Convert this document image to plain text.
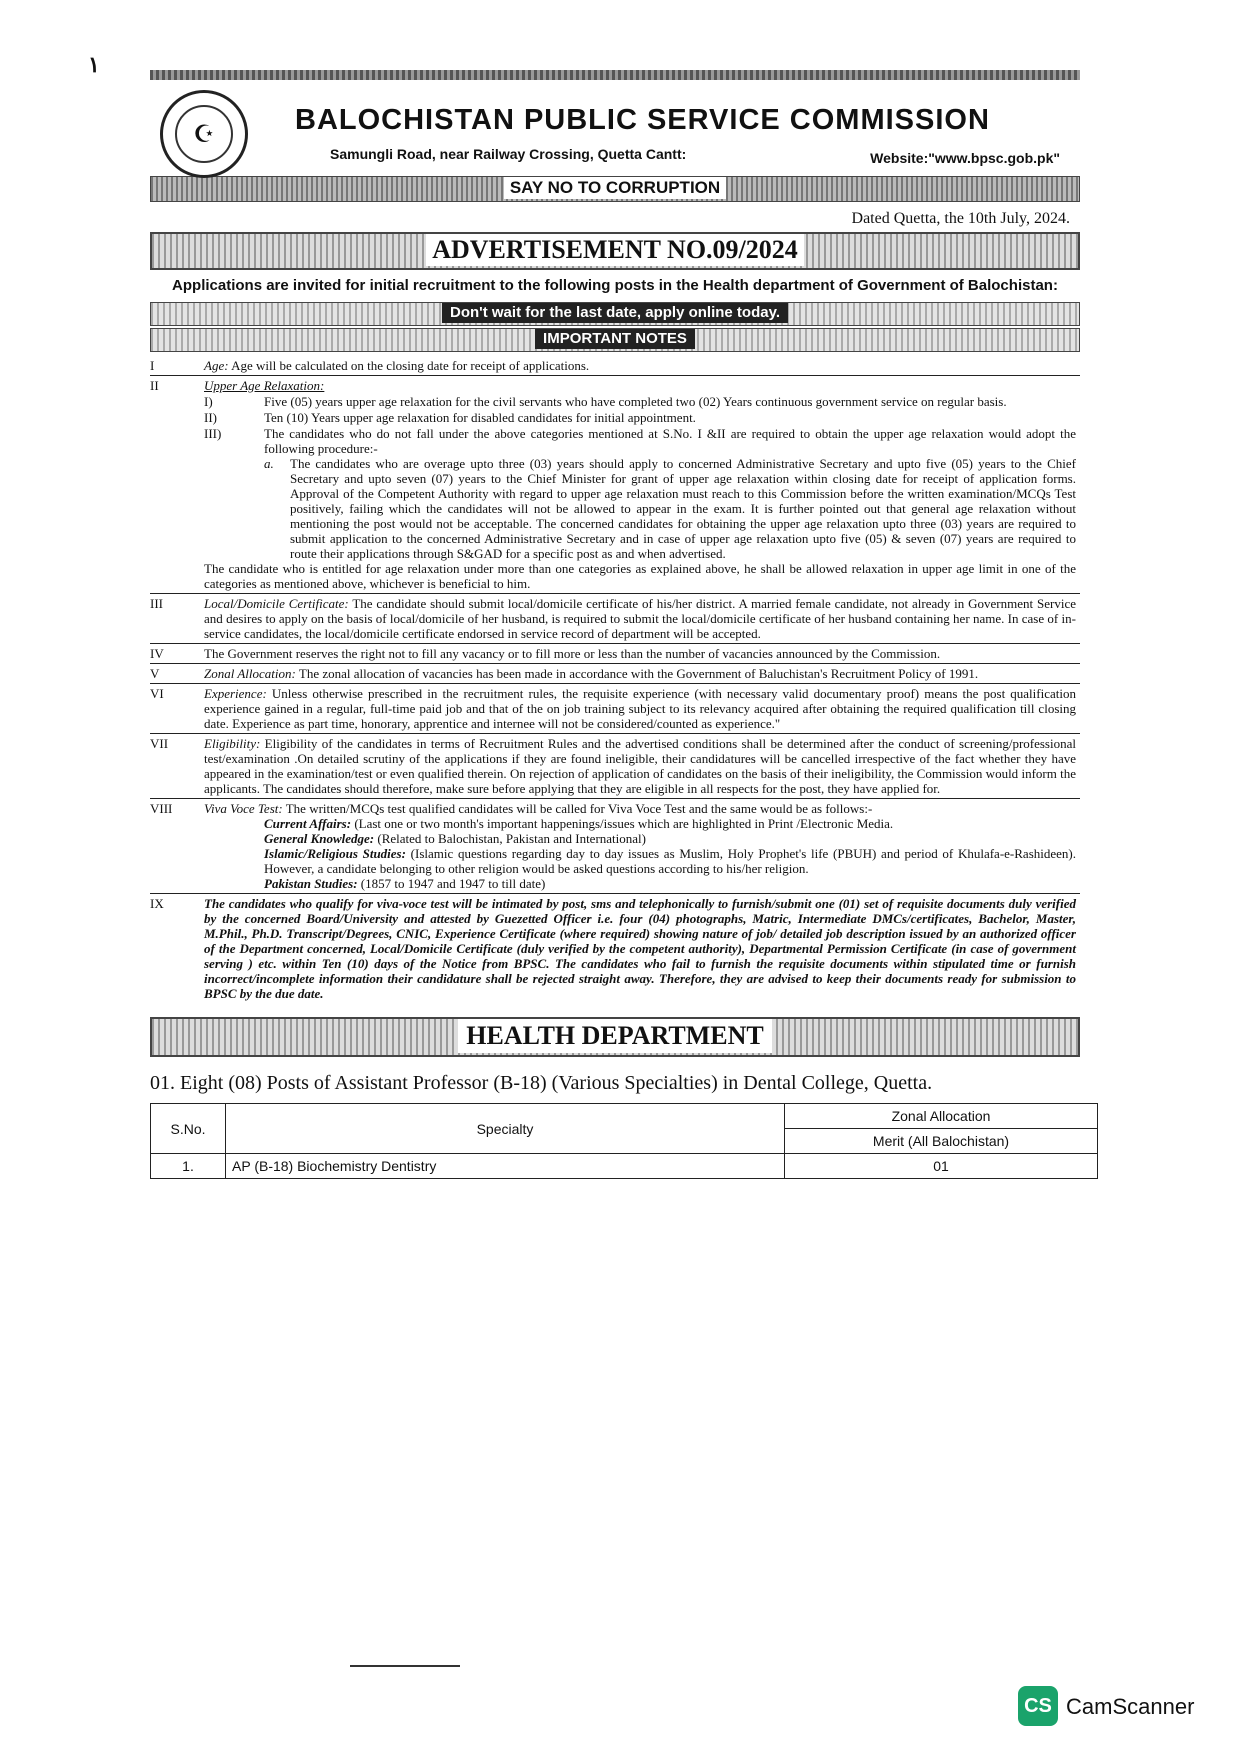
١
☪	BALOCHISTAN PUBLIC SERVICE COMMISSION
Samungli Road, near Railway Crossing, Quetta Cantt:	Website:"www.bpsc.gob.pk"
SAY NO TO CORRUPTION
Dated Quetta, the 10th July, 2024.
ADVERTISEMENT NO.09/2024
Applications are invited for initial recruitment to the following posts in the Health department of Government of Balochistan:
Don't wait for the last date, apply online today.
IMPORTANT NOTES
I	Age: Age will be calculated on the closing date for receipt of applications.
II	Upper Age Relaxation:
I)	Five (05) years upper age relaxation for the civil servants who have completed two (02) Years continuous government service on regular basis.
II)	Ten (10) Years upper age relaxation for disabled candidates for initial appointment.
III)	The candidates who do not fall under the above categories mentioned at S.No. I &II are required to obtain the upper age relaxation would adopt the following procedure:-
a.	The candidates who are overage upto three (03) years should apply to concerned Administrative Secretary and upto five (05) years to the Chief Secretary and upto seven (07) years to the Chief Minister for grant of upper age relaxation within closing date for receipt of application forms. Approval of the Competent Authority with regard to upper age relaxation must reach to this Commission before the written examination/MCQs Test positively, failing which the candidates will not be allowed to appear in the exam. It is further pointed out that general age relaxation without mentioning the post would not be acceptable. The concerned candidates for obtaining the upper age relaxation upto three (03) years are required to submit application to the concerned Administrative Secretary and in case of upper age relaxation upto five (05) & seven (07) years are required to route their applications through S&GAD for a specific post as and when advertised.
The candidate who is entitled for age relaxation under more than one categories as explained above, he shall be allowed relaxation in upper age limit in one of the categories as mentioned above, whichever is beneficial to him.
III	Local/Domicile Certificate: The candidate should submit local/domicile certificate of his/her district. A married female candidate, not already in Government Service and desires to apply on the basis of local/domicile of her husband, is required to submit the local/domicile certificate of her husband containing her name. In case of in-service candidates, the local/domicile certificate endorsed in service record of department will be accepted.
IV	The Government reserves the right not to fill any vacancy or to fill more or less than the number of vacancies announced by the Commission.
V	Zonal Allocation: The zonal allocation of vacancies has been made in accordance with the Government of Baluchistan's Recruitment Policy of 1991.
VI	Experience: Unless otherwise prescribed in the recruitment rules, the requisite experience (with necessary valid documentary proof) means the post qualification experience gained in a regular, full-time paid job and that of the on job training subject to its relevancy acquired after obtaining the required qualification till closing date. Experience as part time, honorary, apprentice and internee will not be considered/counted as experience."
VII	Eligibility: Eligibility of the candidates in terms of Recruitment Rules and the advertised conditions shall be determined after the conduct of screening/professional test/examination .On detailed scrutiny of the applications if they are found ineligible, their candidatures will be cancelled irrespective of the fact whether they have appeared in the examination/test or even qualified therein. On rejection of application of candidates on the basis of their ineligibility, the Commission would inform the applicants. The candidates should therefore, make sure before applying that they are eligible in all respects for the post, they have applied for.
VIII	Viva Voce Test: The written/MCQs test qualified candidates will be called for Viva Voce Test and the same would be as follows:-
Current Affairs: (Last one or two month's important happenings/issues which are highlighted in Print /Electronic Media.
General Knowledge: (Related to Balochistan, Pakistan and International)
Islamic/Religious Studies: (Islamic questions regarding day to day issues as Muslim, Holy Prophet's life (PBUH) and period of Khulafa-e-Rashideen). However, a candidate belonging to other religion would be asked questions according to his/her religion.
Pakistan Studies: (1857 to 1947 and 1947 to till date)
IX	The candidates who qualify for viva-voce test will be intimated by post, sms and telephonically to furnish/submit one (01) set of requisite documents duly verified by the concerned Board/University and attested by Guezetted Officer i.e. four (04) photographs, Matric, Intermediate DMCs/certificates, Bachelor, Master, M.Phil., Ph.D. Transcript/Degrees, CNIC, Experience Certificate (where required) showing nature of job/ detailed job description issued by an authorized officer of the Department concerned, Local/Domicile Certificate (duly verified by the competent authority), Departmental Permission Certificate (in case of government serving ) etc. within Ten (10) days of the Notice from BPSC. The candidates who fail to furnish the requisite documents within stipulated time or furnish incorrect/incomplete information their candidature shall be rejected straight away. Therefore, they are advised to keep their documents ready for submission to BPSC by the due date.
HEALTH DEPARTMENT
01. Eight (08) Posts of Assistant Professor (B-18) (Various Specialties) in Dental College, Quetta.
S.No.	Specialty	Zonal Allocation
		Merit (All Balochistan)
1.	AP (B-18) Biochemistry Dentistry	01
CS CamScanner
